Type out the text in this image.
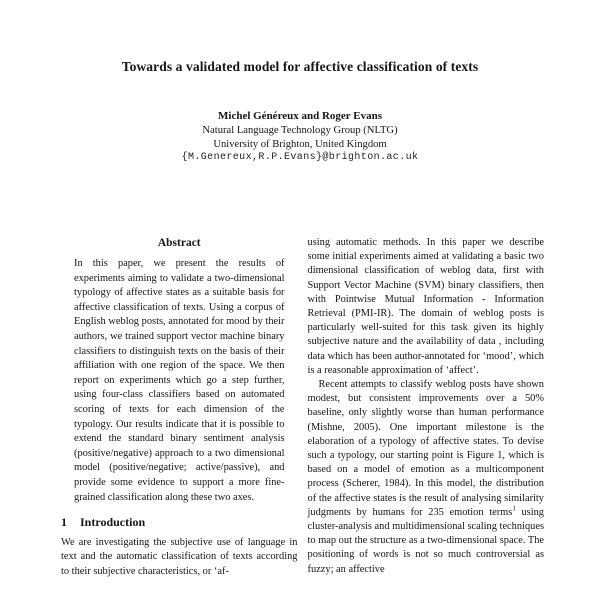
Towards a validated model for affective classification of texts
Michel Généreux and Roger Evans
Natural Language Technology Group (NLTG)
University of Brighton, United Kingdom
{M.Genereux,R.P.Evans}@brighton.ac.uk
Abstract

In this paper, we present the results of experiments aiming to validate a two-dimensional typology of affective states as a suitable basis for affective classification of texts. Using a corpus of English weblog posts, annotated for mood by their authors, we trained support vector machine binary classifiers to distinguish texts on the basis of their affiliation with one region of the space. We then report on experiments which go a step further, using four-class classifiers based on automated scoring of texts for each dimension of the typology. Our results indicate that it is possible to extend the standard binary sentiment analysis (positive/negative) approach to a two dimensional model (positive/negative; active/passive), and provide some evidence to support a more fine-grained classification along these two axes.

1 Introduction

We are investigating the subjective use of language in text and the automatic classification of texts according to their subjective characteristics, or ‘af-

using automatic methods. In this paper we describe some initial experiments aimed at validating a basic two dimensional classification of weblog data, first with Support Vector Machine (SVM) binary classifiers, then with Pointwise Mutual Information - Information Retrieval (PMI-IR). The domain of weblog posts is particularly well-suited for this task given its highly subjective nature and the availability of data , including data which has been author-annotated for ‘mood’, which is a reasonable approximation of ‘affect’.

Recent attempts to classify weblog posts have shown modest, but consistent improvements over a 50% baseline, only slightly worse than human performance (Mishne, 2005). One important milestone is the elaboration of a typology of affective states. To devise such a typology, our starting point is Figure 1, which is based on a model of emotion as a multicomponent process (Scherer, 1984). In this model, the distribution of the affective states is the result of analysing similarity judgments by humans for 235 emotion terms$^1$ using cluster-analysis and multidimensional scaling techniques to map out the structure as a two-dimensional space. The positioning of words is not so much controversial as fuzzy; an affective
